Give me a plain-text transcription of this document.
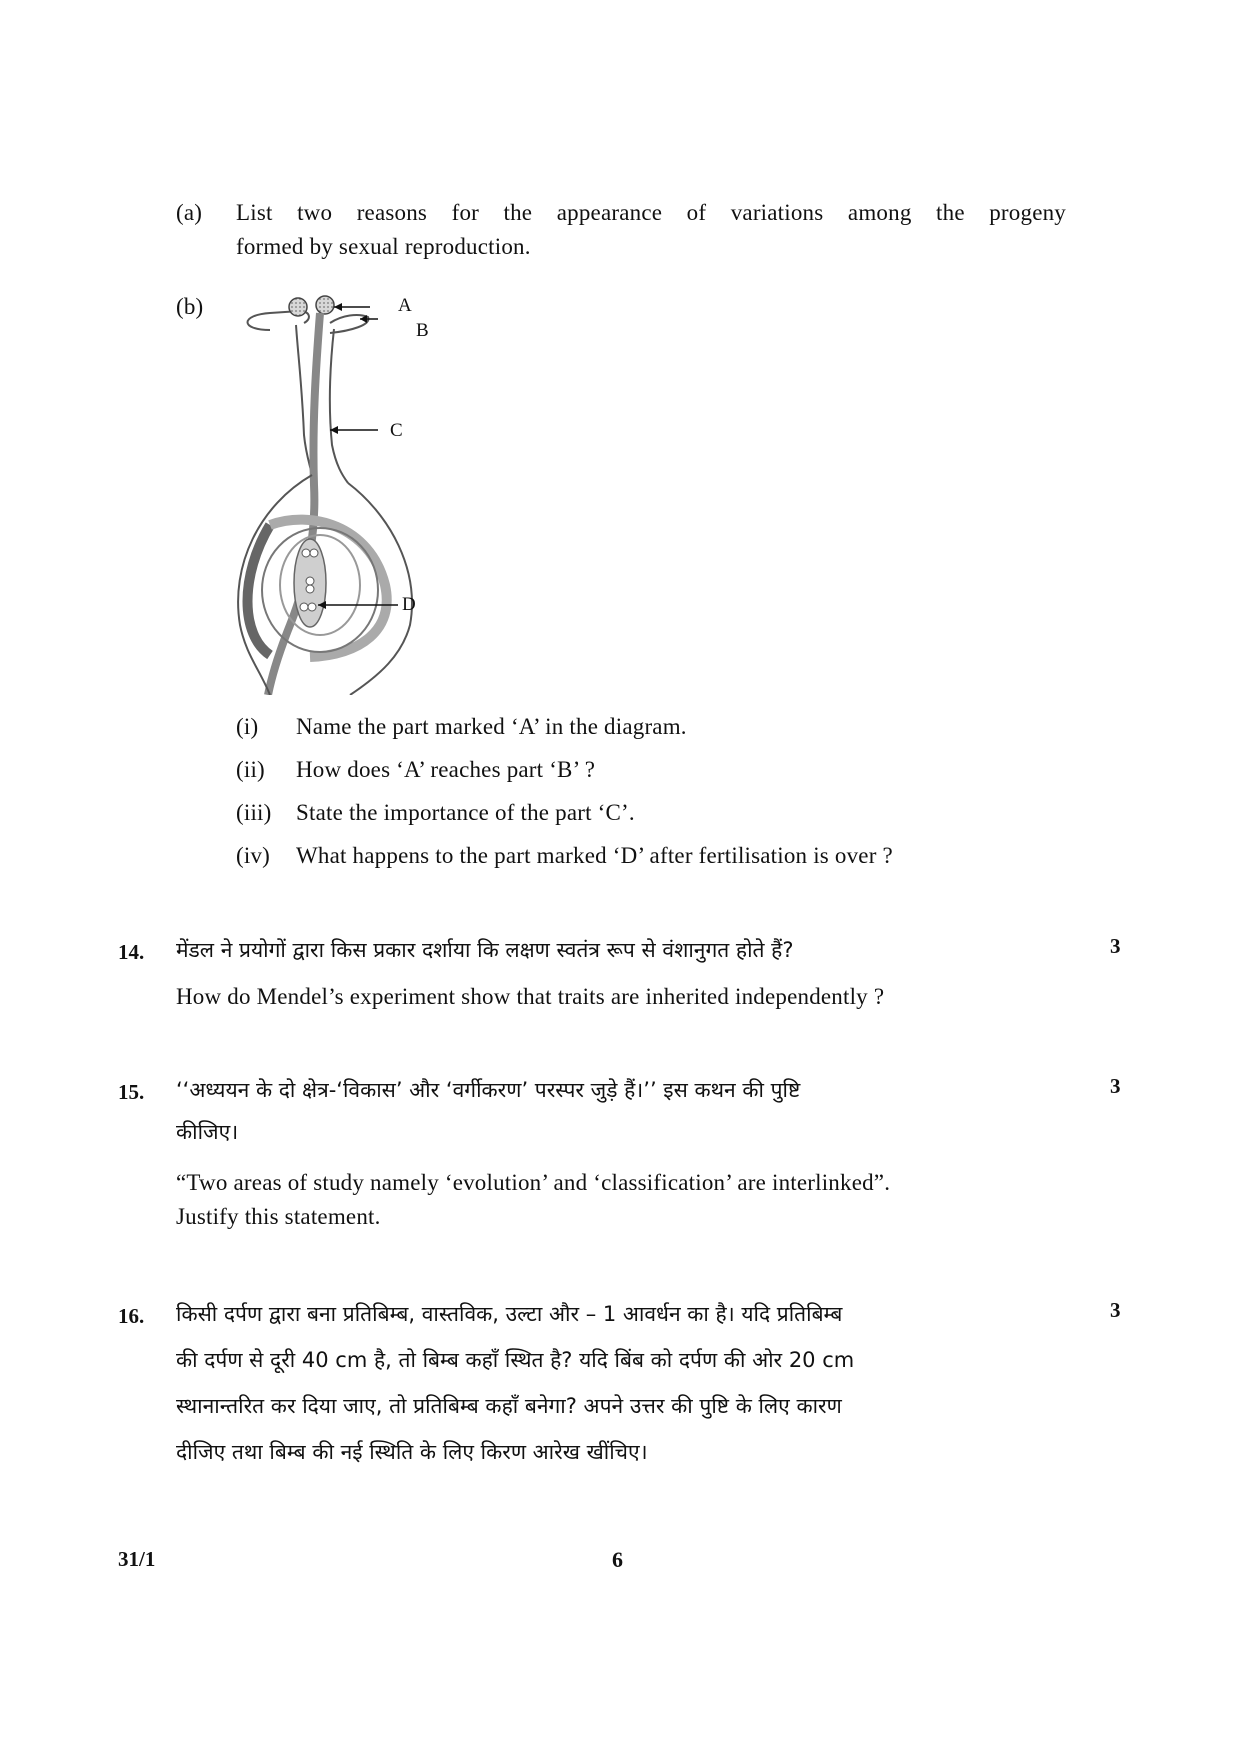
(a) List two reasons for the appearance of variations among the progeny
formed by sexual reproduction.
(b)	A
B
C
D
(i) Name the part marked ‘A’ in the diagram.
(ii) How does ‘A’ reaches part ‘B’ ?
(iii) State the importance of the part ‘C’.
(iv) What happens to the part marked ‘D’ after fertilisation is over ?
14. मेंडल ने प्रयोगों द्वारा किस प्रकार दर्शाया कि लक्षण स्वतंत्र रूप से वंशानुगत होते हैं?	3
How do Mendel’s experiment show that traits are inherited independently ?
15. ‘‘अध्ययन के दो क्षेत्र-‘विकास’ और ‘वर्गीकरण’ परस्पर जुड़े हैं।’’ इस कथन की पुष्टि	3
कीजिए।
“Two areas of study namely ‘evolution’ and ‘classification’ are interlinked”.
Justify this statement.
16. किसी दर्पण द्वारा बना प्रतिबिम्ब, वास्तविक, उल्टा और – 1 आवर्धन का है। यदि प्रतिबिम्ब	3
की दर्पण से दूरी 40 cm है, तो बिम्ब कहाँ स्थित है? यदि बिंब को दर्पण की ओर 20 cm
स्थानान्तरित कर दिया जाए, तो प्रतिबिम्ब कहाँ बनेगा? अपने उत्तर की पुष्टि के लिए कारण
दीजिए तथा बिम्ब की नई स्थिति के लिए किरण आरेख खींचिए।
31/1	6
